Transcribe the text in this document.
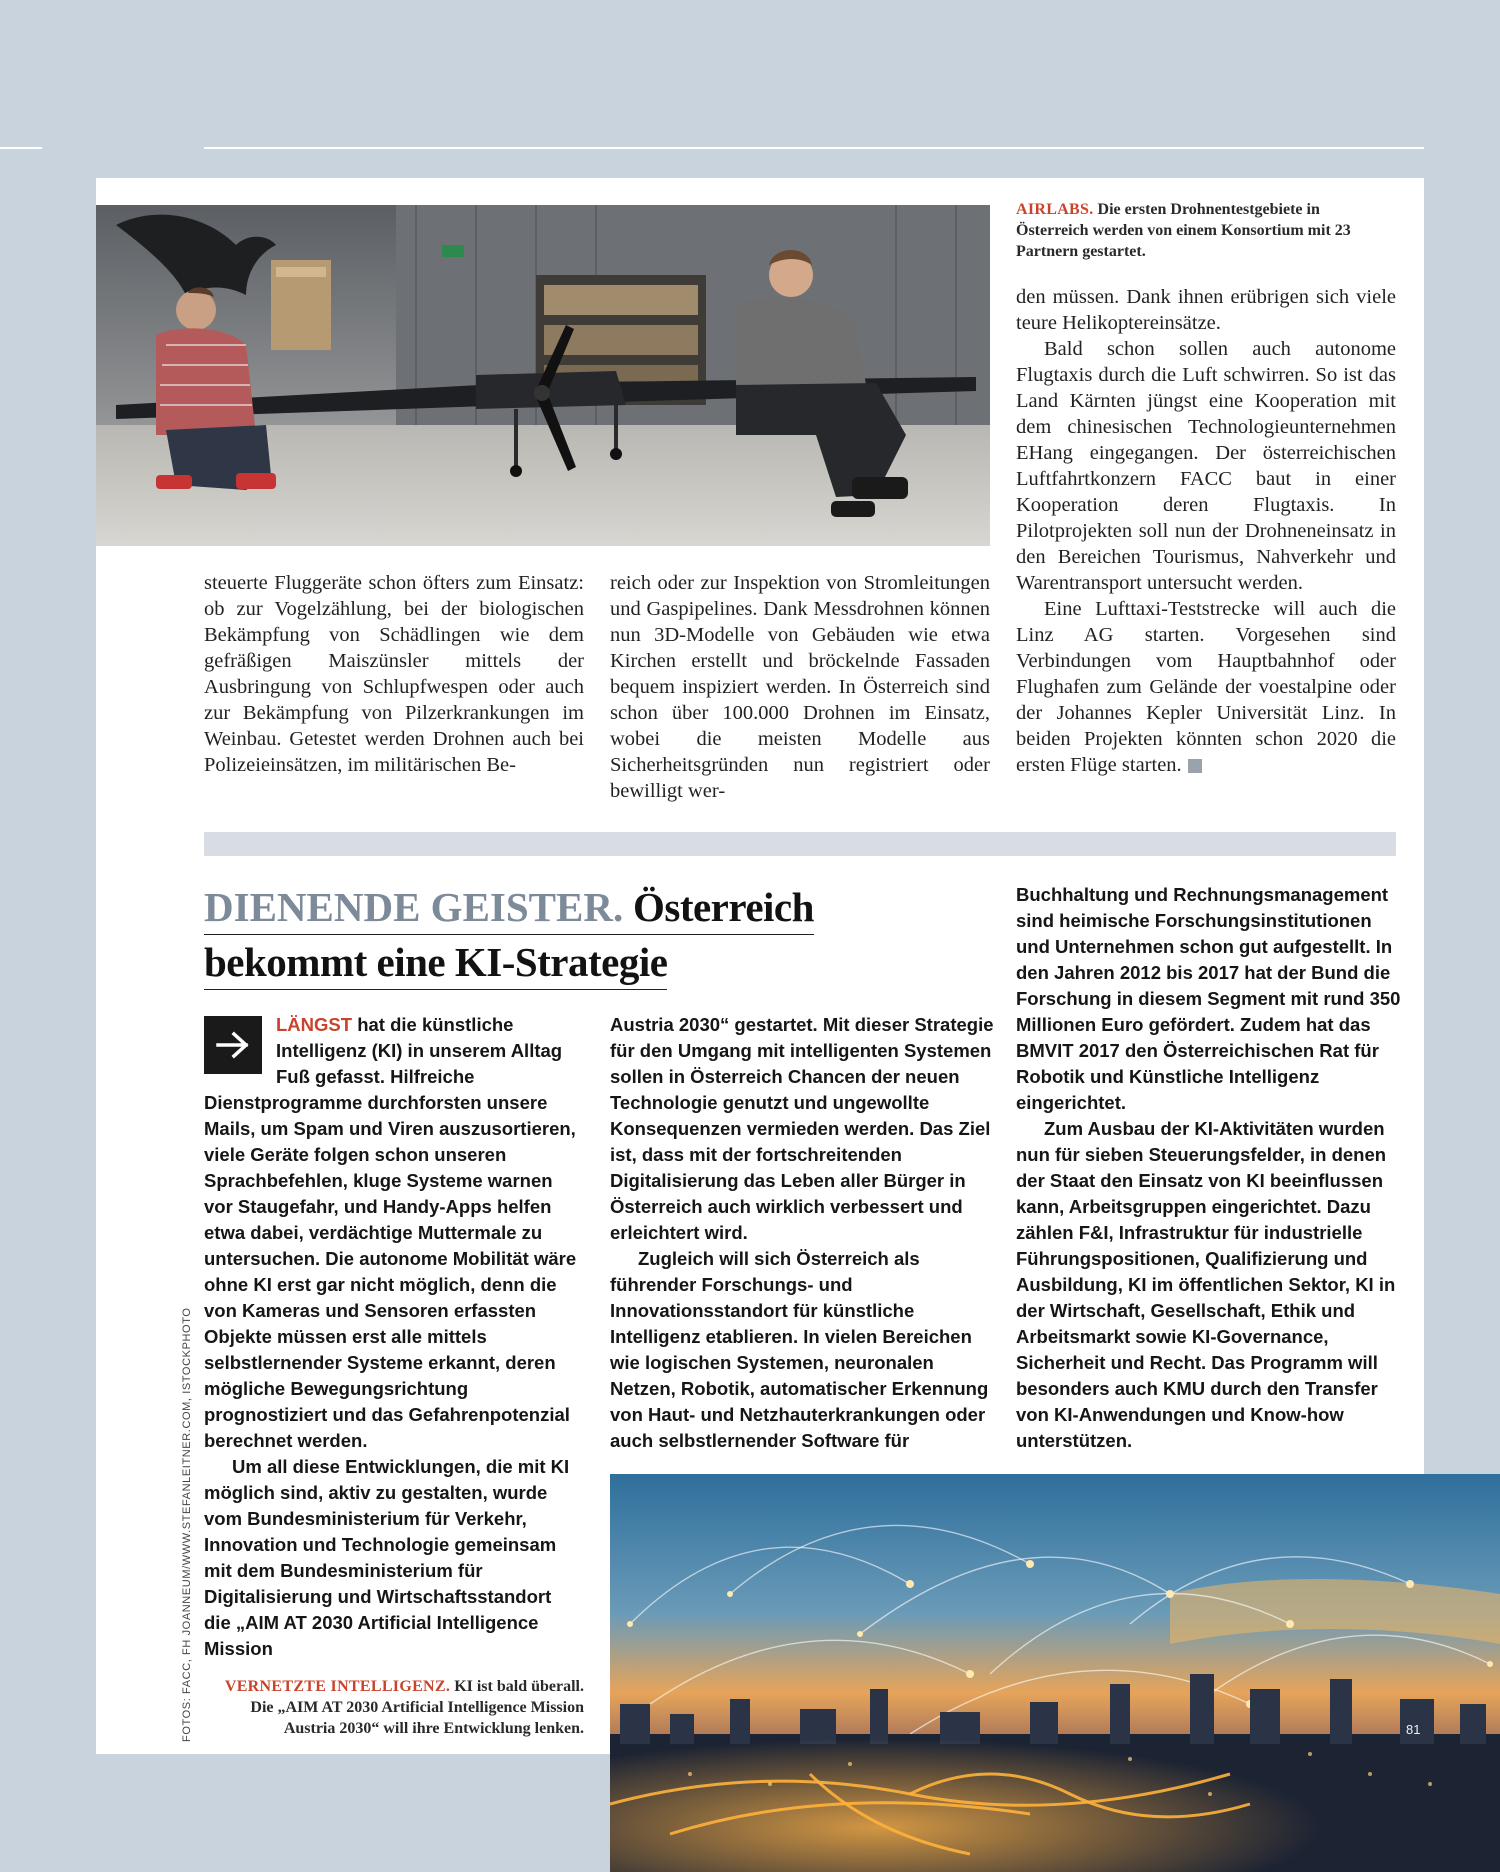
AIRLABS. Die ersten Drohnentestgebiete in Österreich werden von einem Konsortium mit 23 Partnern gestartet.

steuerte Fluggeräte schon öfters zum Einsatz: ob zur Vogelzählung, bei der biologischen Bekämpfung von Schädlingen wie dem gefräßigen Maiszünsler mittels der Ausbringung von Schlupfwespen oder auch zur Bekämpfung von Pilzerkrankungen im Weinbau. Getestet werden Drohnen auch bei Polizeieinsätzen, im militärischen Be-

reich oder zur Inspektion von Stromleitungen und Gaspipelines. Dank Messdrohnen können nun 3D-Modelle von Gebäuden wie etwa Kirchen erstellt und bröckelnde Fassaden bequem inspiziert werden. In Österreich sind schon über 100.000 Drohnen im Einsatz, wobei die meisten Modelle aus Sicherheitsgründen nun registriert oder bewilligt wer-

den müssen. Dank ihnen erübrigen sich viele teure Helikoptereinsätze.

Bald schon sollen auch autonome Flugtaxis durch die Luft schwirren. So ist das Land Kärnten jüngst eine Kooperation mit dem chinesischen Technologieunternehmen EHang eingegangen. Der österreichischen Luftfahrtkonzern FACC baut in einer Kooperation deren Flugtaxis. In Pilotprojekten soll nun der Drohneneinsatz in den Bereichen Tourismus, Nahverkehr und Warentransport untersucht werden.

Eine Lufttaxi-Teststrecke will auch die Linz AG starten. Vorgesehen sind Verbindungen vom Hauptbahnhof oder Flughafen zum Gelände der voestalpine oder der Johannes Kepler Universität Linz. In beiden Projekten könnten schon 2020 die ersten Flüge starten.	T

DIENENDE GEISTER. Österreich
bekommt eine KI-Strategie

LÄNGST hat die künstliche Intelligenz (KI) in unserem Alltag Fuß gefasst. Hilfreiche Dienstprogramme durchforsten unsere Mails, um Spam und Viren auszusortieren, viele Geräte folgen schon unseren Sprachbefehlen, kluge Systeme warnen vor Staugefahr, und Handy-Apps helfen etwa dabei, verdächtige Muttermale zu untersuchen. Die autonome Mobilität wäre ohne KI erst gar nicht möglich, denn die von Kameras und Sensoren erfassten Objekte müssen erst alle mittels selbstlernender Systeme erkannt, deren mögliche Bewegungsrichtung prognostiziert und das Gefahrenpotenzial berechnet werden.

Um all diese Entwicklungen, die mit KI möglich sind, aktiv zu gestalten, wurde vom Bundesministerium für Verkehr, Innovation und Technologie gemeinsam mit dem Bundesministerium für Digitalisierung und Wirtschaftsstandort die „AIM AT 2030 Artificial Intelligence Mission

Austria 2030“ gestartet. Mit dieser Strategie für den Umgang mit intelligenten Systemen sollen in Österreich Chancen der neuen Technologie genutzt und ungewollte Konsequenzen vermieden werden. Das Ziel ist, dass mit der fortschreitenden Digitalisierung das Leben aller Bürger in Österreich auch wirklich verbessert und erleichtert wird.

Zugleich will sich Österreich als führender Forschungs- und Innovationsstandort für künstliche Intelligenz etablieren. In vielen Bereichen wie logischen Systemen, neuronalen Netzen, Robotik, automatischer Erkennung von Haut- und Netzhauterkrankungen oder auch selbstlernender Software für

Buchhaltung und Rechnungsmanagement sind heimische Forschungsinstitutionen und Unternehmen schon gut aufgestellt. In den Jahren 2012 bis 2017 hat der Bund die Forschung in diesem Segment mit rund 350 Millionen Euro gefördert. Zudem hat das BMVIT 2017 den Österreichischen Rat für Robotik und Künstliche Intelligenz eingerichtet.

Zum Ausbau der KI-Aktivitäten wurden nun für sieben Steuerungsfelder, in denen der Staat den Einsatz von KI beeinflussen kann, Arbeitsgruppen eingerichtet. Dazu zählen F&I, Infrastruktur für industrielle Führungspositionen, Qualifizierung und Ausbildung, KI im öffentlichen Sektor, KI in der Wirtschaft, Gesellschaft, Ethik und Arbeitsmarkt sowie KI-Governance, Sicherheit und Recht. Das Programm will besonders auch KMU durch den Transfer von KI-Anwendungen und Know-how unterstützen.

FOTOS: FACC, FH JOANNEUM/WWW.STEFANLEITNER.COM, ISTOCKPHOTO	VERNETZTE INTELLIGENZ. KI ist bald überall. Die „AIM AT 2030 Artificial Intelligence Mission Austria 2030“ will ihre Entwicklung lenken.	81
